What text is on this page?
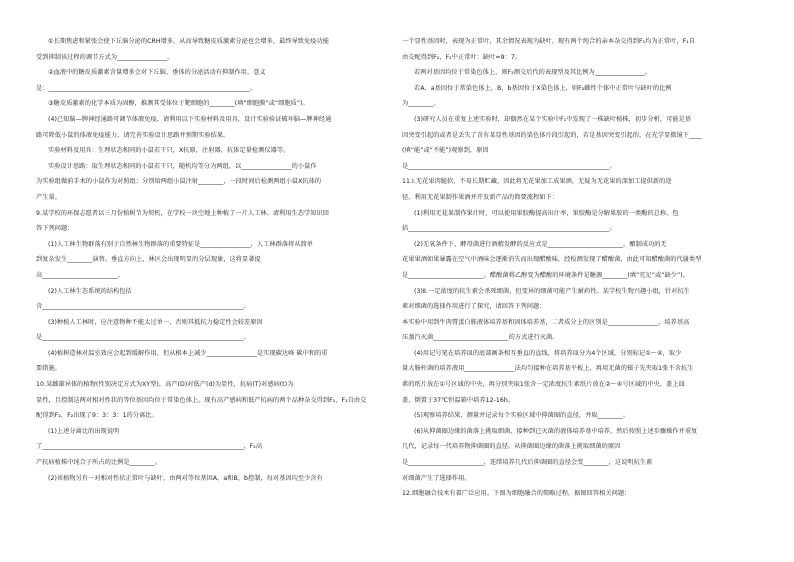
①长期焦虑和紧张会使下丘脑分泌的CRH增多，从而导致糖皮质激素分泌也会增多，最终导致免疫功能
受到抑制该过程的调节方式为________________。
②血液中的糖皮质激素含量增多会对下丘脑、垂体的分泌活动有抑制作用，意义
是：________________________________________________________________。
③糖皮质激素的化学本质为固醇，推测其受体位于靶细胞的________(填“细胞膜”或“细胞质”)。
(4)已知脑—脾神经通路可调节体液免疫，请利用以下实验材料及用具，设计实验验证破坏脑—脾神经通
路可降低小鼠的体液免疫能力，请完善实验设计思路并预期实验结果。
实验材料及用具：生理状态相同的小鼠若干只，X抗原，注射器，抗体定量检测仪器等。
实验设计思路：取生理状态相同的小鼠若干只，随机均等分为两组，以________________的小鼠作
为实验组做前手术的小鼠作为对照组；分别给两组小鼠注射________，一段时间后检测两组小鼠X抗体的
产生量。
9.某学校的环保志愿者以三月份植树节为契机，在学校一块空地上种植了一片人工林。请利用生态学知识回
答下列问题：
(1)人工林生物群落有别于自然林生物群落的重要特征是________________，人工林群落将从简单
到复杂发生________演替。垂直方向上，林区会出现明显的分层现象，这将显著提
高________________________。
(2)人工林生态系统的结构包括
含________________________________________________________________。
(3)种植人工林时，应注意物种不能太过单一，否则其抵抗力稳定性会较差原因
是________________________________________________________________。
(4)植树造林对温室效应会起到缓解作用，但从根本上减少________________是实现碳达峰 碳中和的重
要措施。
10.某雌雄异体的植物(性别决定方式为XY型)，高产(D)对低产(d)为显性，抗病(T)对感病(t)为
显性，且控制这两对相对性状的等位基因均位于常染色体上。现有高产感病和低产抗病的两个品种杂交得到F₁，F₁自由交
配得到F₂，F₂出现了9：3：3：1的分离比。
(1)上述分离比的出现说明
了________________________________________________________________，F₂高
产抗病植株中纯合子所占的比例是________。
(2)该植物另有一对相对性状正常叶与缺叶，由两对等位基因A、a和B、b控制，每对基因均至少含有
一个显性基因时，表现为正常叶，其余情况表现为缺叶。现有两个纯合的亲本杂交得到F₁均为正常叶，F₁自
由交配得到F₂，F₂中正常叶：缺叶=9：7。
若两对基因均位于常染色体上，则F₂测交后代的表现型及其比例为________________。
若A、a基因位于常染色体上，B、b基因位于X染色体上，则F₂雌性个体中正常叶与缺叶的比例
为________。
(3)研究人员在重复上述实验时，却偶然在某个实验中F₁中发现了一株缺叶植株，初步分析，可能是基
因突变引起的或者是丢失了含有某显性基因的染色体片段引起的，若是基因突变引起的，在光学显微镜下____
(填“能”或“不能”)观察到，原因
是________________________________________________________________。
11.Ⅰ.无花果肉脆软，不易长期贮藏，因此将无花果加工成果酒，无疑为无花果的深加工提供新的途
径。利用无花果制作果酒并开发新产品的简要流程如下：
(1)利用无花果制作果汁时，可以使用果胶酶提高出汁率，果胶酶是分解果胶的一类酶的总称，包
括________________________________________________________________。
(2)无氧条件下，酵母菌进行酒精发酵的反应式是________________________。酿制成功的无
花果果酒如果暴露在空气中酒味会逐渐消失而出现醋酸味，经检测发现了醋酸菌，由此可知醋酸菌的代谢类型
是________________________。醋酸菌将乙醇变为醋酸的环境条件是糖源________(填“充足”或“缺少”)。
(3)Ⅱ.一定浓度的抗生素会杀死细菌，但变异的细菌可能产生耐药性。某学校生物兴趣小组，针对抗生
素对细菌的选择作用进行了探究，请回答下列问题：
本实验中用到牛肉膏蛋白胨液体培养基和固体培养基，二者成分上的区别是________________，培养基高
压蒸汽灭菌________________________的方式进行灭菌。
(4)用记号笔在培养皿的底部画条相互垂直的直线，将培养皿分为4个区域，分别标记①～④，取少
量大肠杆菌的培养液用________________法均匀接种在培养基平板上，再用无菌的镊子先夹取1张不含抗生
素的纸片放在①号区域的中央，再分别夹取1张含一定浓度抗生素纸片放在②～④号区域的中央，盖上皿
盖，倒置于37℃恒温箱中培养12-16h。
(5)观察培养结果，测量并记录每个实验区域中抑菌圈的直径，并取________。
(6)从抑菌圈边缘的菌落上挑取细菌，接种到已灭菌的液体培养基中培养，然后按照上述步骤操作并重复
几代，记录每一代培养物抑菌圈的直径。从抑菌圈边缘的菌落上挑取细菌的原因
是________________________，连续培养几代后抑菌圈的直径会变________，这说明抗生素
对细菌产生了选择作用。
12.细胞融合技术有着广泛应用。下图为细胞融合的简略过程，据图回答相关问题：
